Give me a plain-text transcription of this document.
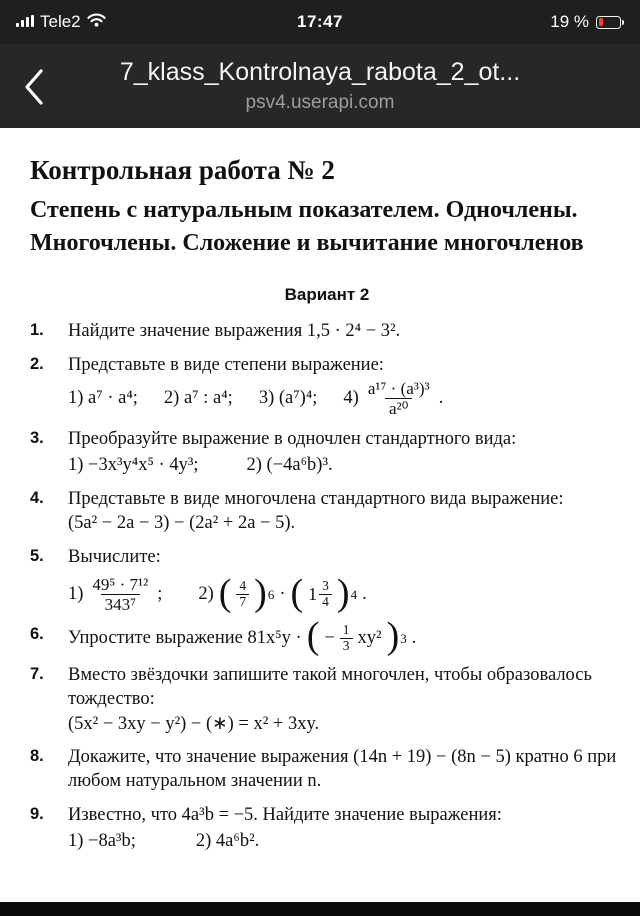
Tele2	17:47	19 %
7_klass_Kontrolnaya_rabota_2_ot...
psv4.userapi.com
Контрольная работа № 2
Степень с натуральным показателем. Одночлены.
Многочлены. Сложение и вычитание многочленов
Вариант 2
1.	Найдите значение выражения 1,5 · 2⁴ − 3².
2.	Представьте в виде степени выражение:
1) a⁷ · a⁴; 2) a⁷ : a⁴; 3) (a⁷)⁴; $4) \frac{\text{a¹⁷ · (a³)³}}{\text{a²⁰}}$ .
3.	Преобразуйте выражение в одночлен стандартного вида:
1) −3x³y⁴x⁵ · 4y³;	2) (−4a⁶b)³.
4.	Представьте в виде многочлена стандартного вида выражение:
(5a² − 2a − 3) − (2a² + 2a − 5).
5.	Вычислите:
$1) \frac{\text{49⁵ · 7¹²}}{\text{343⁷}}$ ; 2) ( $\frac{4}{7}$ ) 6 · ( $1 \frac{3}{4}$ ) 4 .
6.	Упростите выражение 81x⁵y · ( − $\frac{1}{3} xy^2$ ) 3 .
7.	Вместо звёздочки запишите такой многочлен, чтобы образовалось тождество:
(5x² − 3xy − y²) − (∗) = x² + 3xy.
8.	Докажите, что значение выражения (14n + 19) − (8n − 5) кратно 6 при любом натуральном значении n.
9.	Известно, что 4a³b = −5. Найдите значение выражения:
1) −8a³b;	2) 4a⁶b².
